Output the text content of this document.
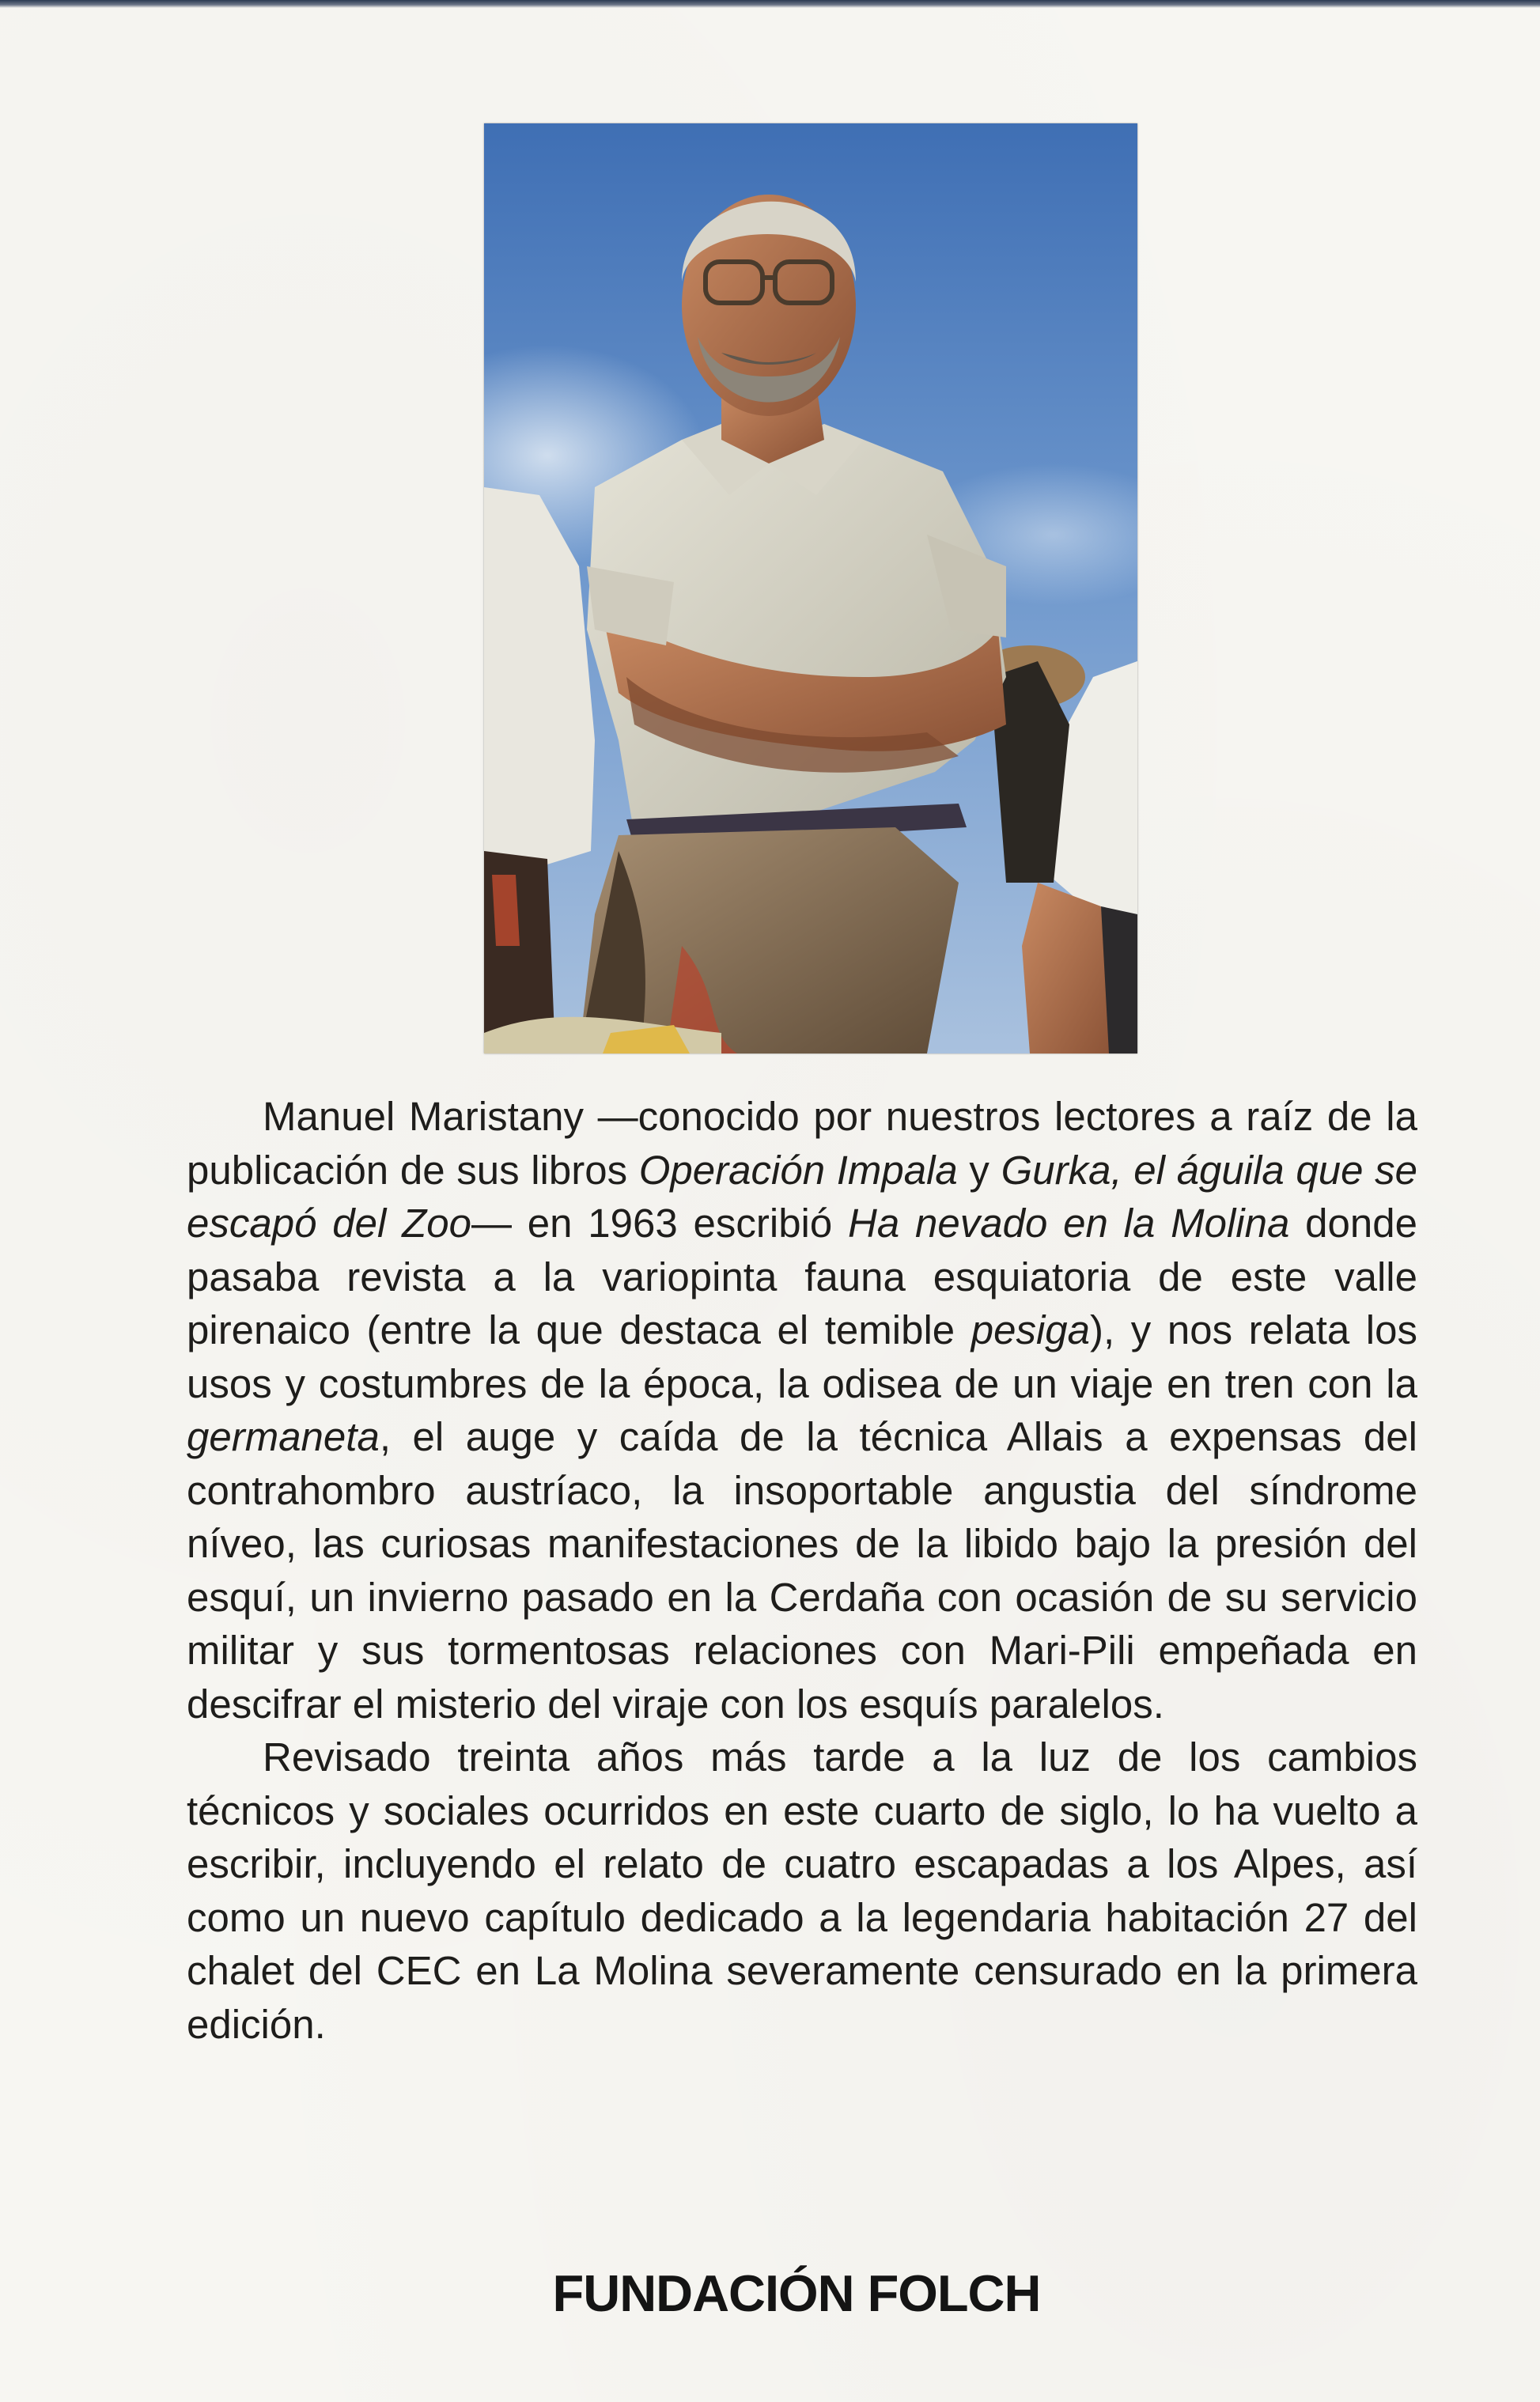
Manuel Maristany —conocido por nuestros lectores a raíz de la publicación de sus libros Operación Impala y Gurka, el águila que se escapó del Zoo— en 1963 escribió Ha nevado en la Molina donde pasaba revista a la variopinta fauna esquiatoria de este valle pirenaico (entre la que destaca el temible pesiga), y nos relata los usos y costumbres de la época, la odisea de un viaje en tren con la germaneta, el auge y caída de la técnica Allais a expensas del contrahombro austríaco, la insoportable angustia del síndrome níveo, las curiosas manifestaciones de la libido bajo la presión del esquí, un invierno pasado en la Cerdaña con ocasión de su servicio militar y sus tormentosas relaciones con Mari-Pili empeñada en descifrar el misterio del viraje con los esquís paralelos.

Revisado treinta años más tarde a la luz de los cambios técnicos y sociales ocurridos en este cuarto de siglo, lo ha vuelto a escribir, incluyendo el relato de cuatro escapadas a los Alpes, así como un nuevo capítulo dedicado a la legendaria habitación 27 del chalet del CEC en La Molina severamente censurado en la primera edición.

FUNDACIÓN FOLCH
